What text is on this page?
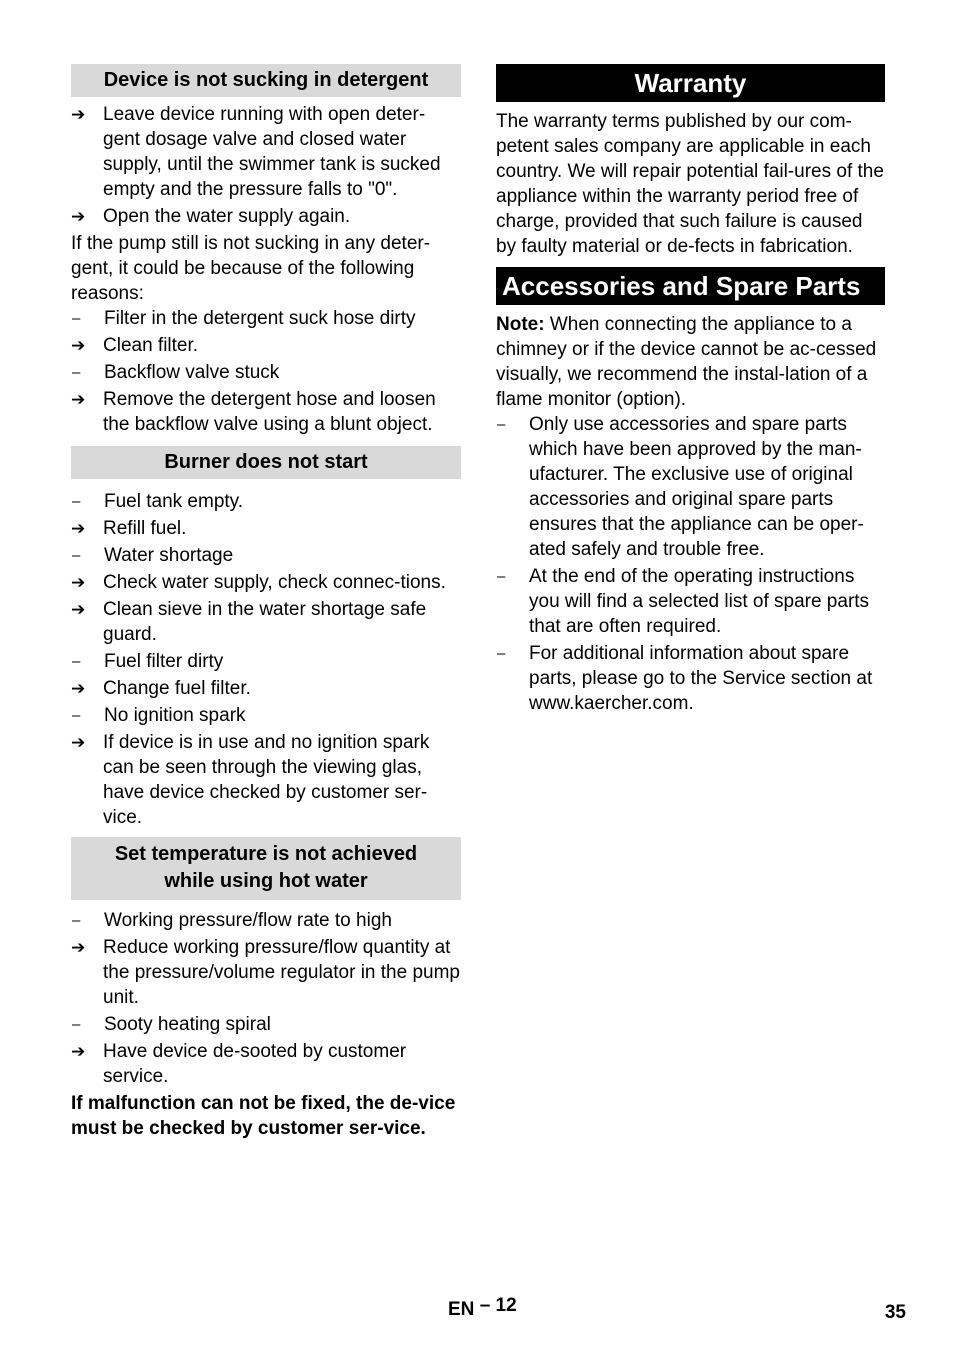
Device is not sucking in detergent
➔ Leave device running with open deter-gent dosage valve and closed water supply, until the swimmer tank is sucked empty and the pressure falls to "0".
➔ Open the water supply again.

If the pump still is not sucking in any deter-gent, it could be because of the following reasons:

–	Filter in the detergent suck hose dirty
➔ Clean filter.
–	Backflow valve stuck
➔ Remove the detergent hose and loosen the backflow valve using a blunt object.
Burner does not start
–	Fuel tank empty.
➔ Refill fuel.
–	Water shortage
➔ Check water supply, check connec-tions.
➔ Clean sieve in the water shortage safe guard.
–	Fuel filter dirty
➔ Change fuel filter.
–	No ignition spark
➔ If device is in use and no ignition spark can be seen through the viewing glas, have device checked by customer ser-vice.
Set temperature is not achieved
while using hot water
–	Working pressure/flow rate to high
➔ Reduce working pressure/flow quantity at the pressure/volume regulator in the pump unit.
–	Sooty heating spiral
➔ Have device de-sooted by customer service.

If malfunction can not be fixed, the de-vice must be checked by customer ser-vice.

Warranty

The warranty terms published by our com-petent sales company are applicable in each country. We will repair potential fail-ures of the appliance within the warranty period free of charge, provided that such failure is caused by faulty material or de-fects in fabrication.

Accessories and Spare Parts

Note: When connecting the appliance to a chimney or if the device cannot be ac-cessed visually, we recommend the instal-lation of a flame monitor (option).

–	Only use accessories and spare parts which have been approved by the man-ufacturer. The exclusive use of original accessories and original spare parts ensures that the appliance can be oper-ated safely and trouble free.
–	At the end of the operating instructions you will find a selected list of spare parts that are often required.
–	For additional information about spare parts, please go to the Service section at www.kaercher.com.
EN – 12	35
